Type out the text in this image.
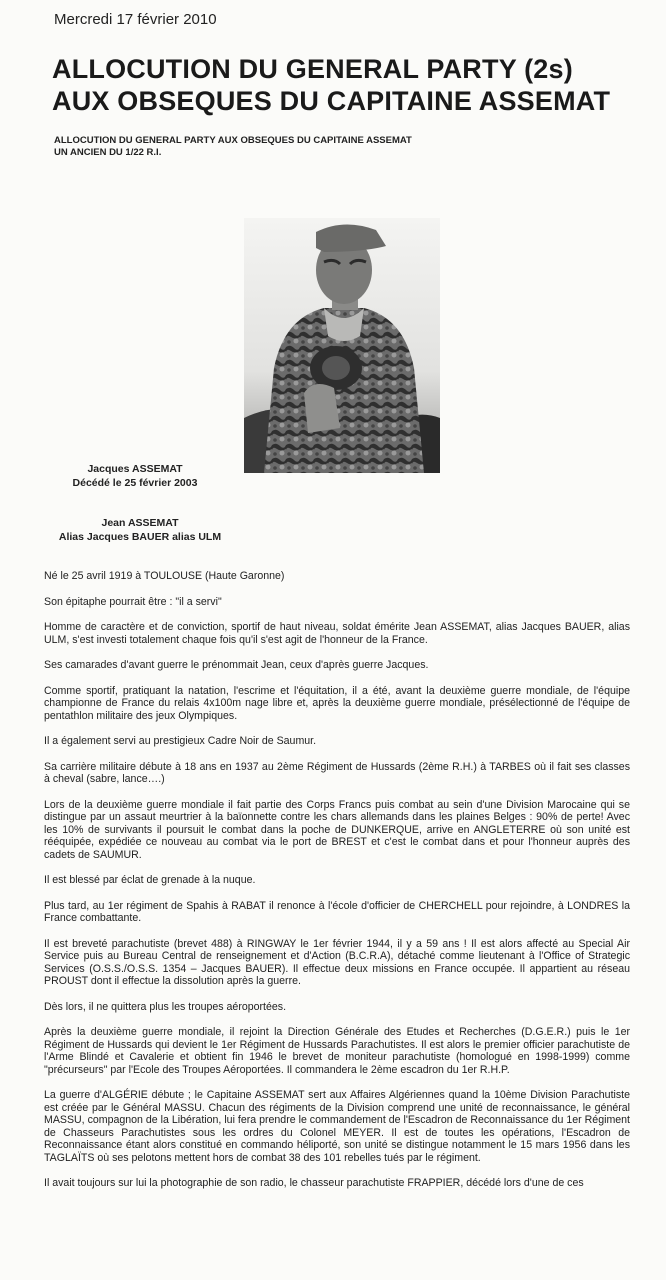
Mercredi 17 février 2010
ALLOCUTION DU GENERAL PARTY (2s)
AUX OBSEQUES DU CAPITAINE ASSEMAT
ALLOCUTION DU GENERAL PARTY AUX OBSEQUES DU CAPITAINE ASSEMAT
UN ANCIEN DU 1/22 R.I.
Jacques ASSEMAT
Décédé le 25 février 2003
Jean ASSEMAT
Alias Jacques BAUER alias ULM

Né le 25 avril 1919 à TOULOUSE (Haute Garonne)

Son épitaphe pourrait être : "il a servi"

Homme de caractère et de conviction, sportif de haut niveau, soldat émérite Jean ASSEMAT, alias Jacques BAUER, alias ULM, s'est investi totalement chaque fois qu'il s'est agit de l'honneur de la France.

Ses camarades d'avant guerre le prénommait Jean, ceux d'après guerre Jacques.

Comme sportif, pratiquant la natation, l'escrime et l'équitation, il a été, avant la deuxième guerre mondiale, de l'équipe championne de France du relais 4x100m nage libre et, après la deuxième guerre mondiale, présélectionné de l'équipe de pentathlon militaire des jeux Olympiques.

Il a également servi au prestigieux Cadre Noir de Saumur.

Sa carrière militaire débute à 18 ans en 1937 au 2ème Régiment de Hussards (2ème R.H.) à TARBES où il fait ses classes à cheval (sabre, lance….)

Lors de la deuxième guerre mondiale il fait partie des Corps Francs puis combat au sein d'une Division Marocaine qui se distingue par un assaut meurtrier à la baïonnette contre les chars allemands dans les plaines Belges : 90% de perte! Avec les 10% de survivants il poursuit le combat dans la poche de DUNKERQUE, arrive en ANGLETERRE où son unité est rééquipée, expédiée ce nouveau au combat via le port de BREST et c'est le combat dans et pour l'honneur auprès des cadets de SAUMUR.

Il est blessé par éclat de grenade à la nuque.

Plus tard, au 1er régiment de Spahis à RABAT il renonce à l'école d'officier de CHERCHELL pour rejoindre, à LONDRES la France combattante.

Il est breveté parachutiste (brevet 488) à RINGWAY le 1er février 1944, il y a 59 ans ! Il est alors affecté au Special Air Service puis au Bureau Central de renseignement et d'Action (B.C.R.A), détaché comme lieutenant à l'Office of Strategic Services (O.S.S./O.S.S. 1354 – Jacques BAUER). Il effectue deux missions en France occupée. Il appartient au réseau PROUST dont il effectue la dissolution après la guerre.

Dès lors, il ne quittera plus les troupes aéroportées.

Après la deuxième guerre mondiale, il rejoint la Direction Générale des Etudes et Recherches (D.G.E.R.) puis le 1er Régiment de Hussards qui devient le 1er Régiment de Hussards Parachutistes. Il est alors le premier officier parachutiste de l'Arme Blindé et Cavalerie et obtient fin 1946 le brevet de moniteur parachutiste (homologué en 1998-1999) comme "précurseurs" par l'Ecole des Troupes Aéroportées. Il commandera le 2ème escadron du 1er R.H.P.

La guerre d'ALGÉRIE débute ; le Capitaine ASSEMAT sert aux Affaires Algériennes quand la 10ème Division Parachutiste est créée par le Général MASSU. Chacun des régiments de la Division comprend une unité de reconnaissance, le général MASSU, compagnon de la Libération, lui fera prendre le commandement de l'Escadron de Reconnaissance du 1er Régiment de Chasseurs Parachutistes sous les ordres du Colonel MEYER. Il est de toutes les opérations, l'Escadron de Reconnaissance étant alors constitué en commando héliporté, son unité se distingue notamment le 15 mars 1956 dans les TAGLAÏTS où ses pelotons mettent hors de combat 38 des 101 rebelles tués par le régiment.

Il avait toujours sur lui la photographie de son radio, le chasseur parachutiste FRAPPIER, décédé lors d'une de ces
